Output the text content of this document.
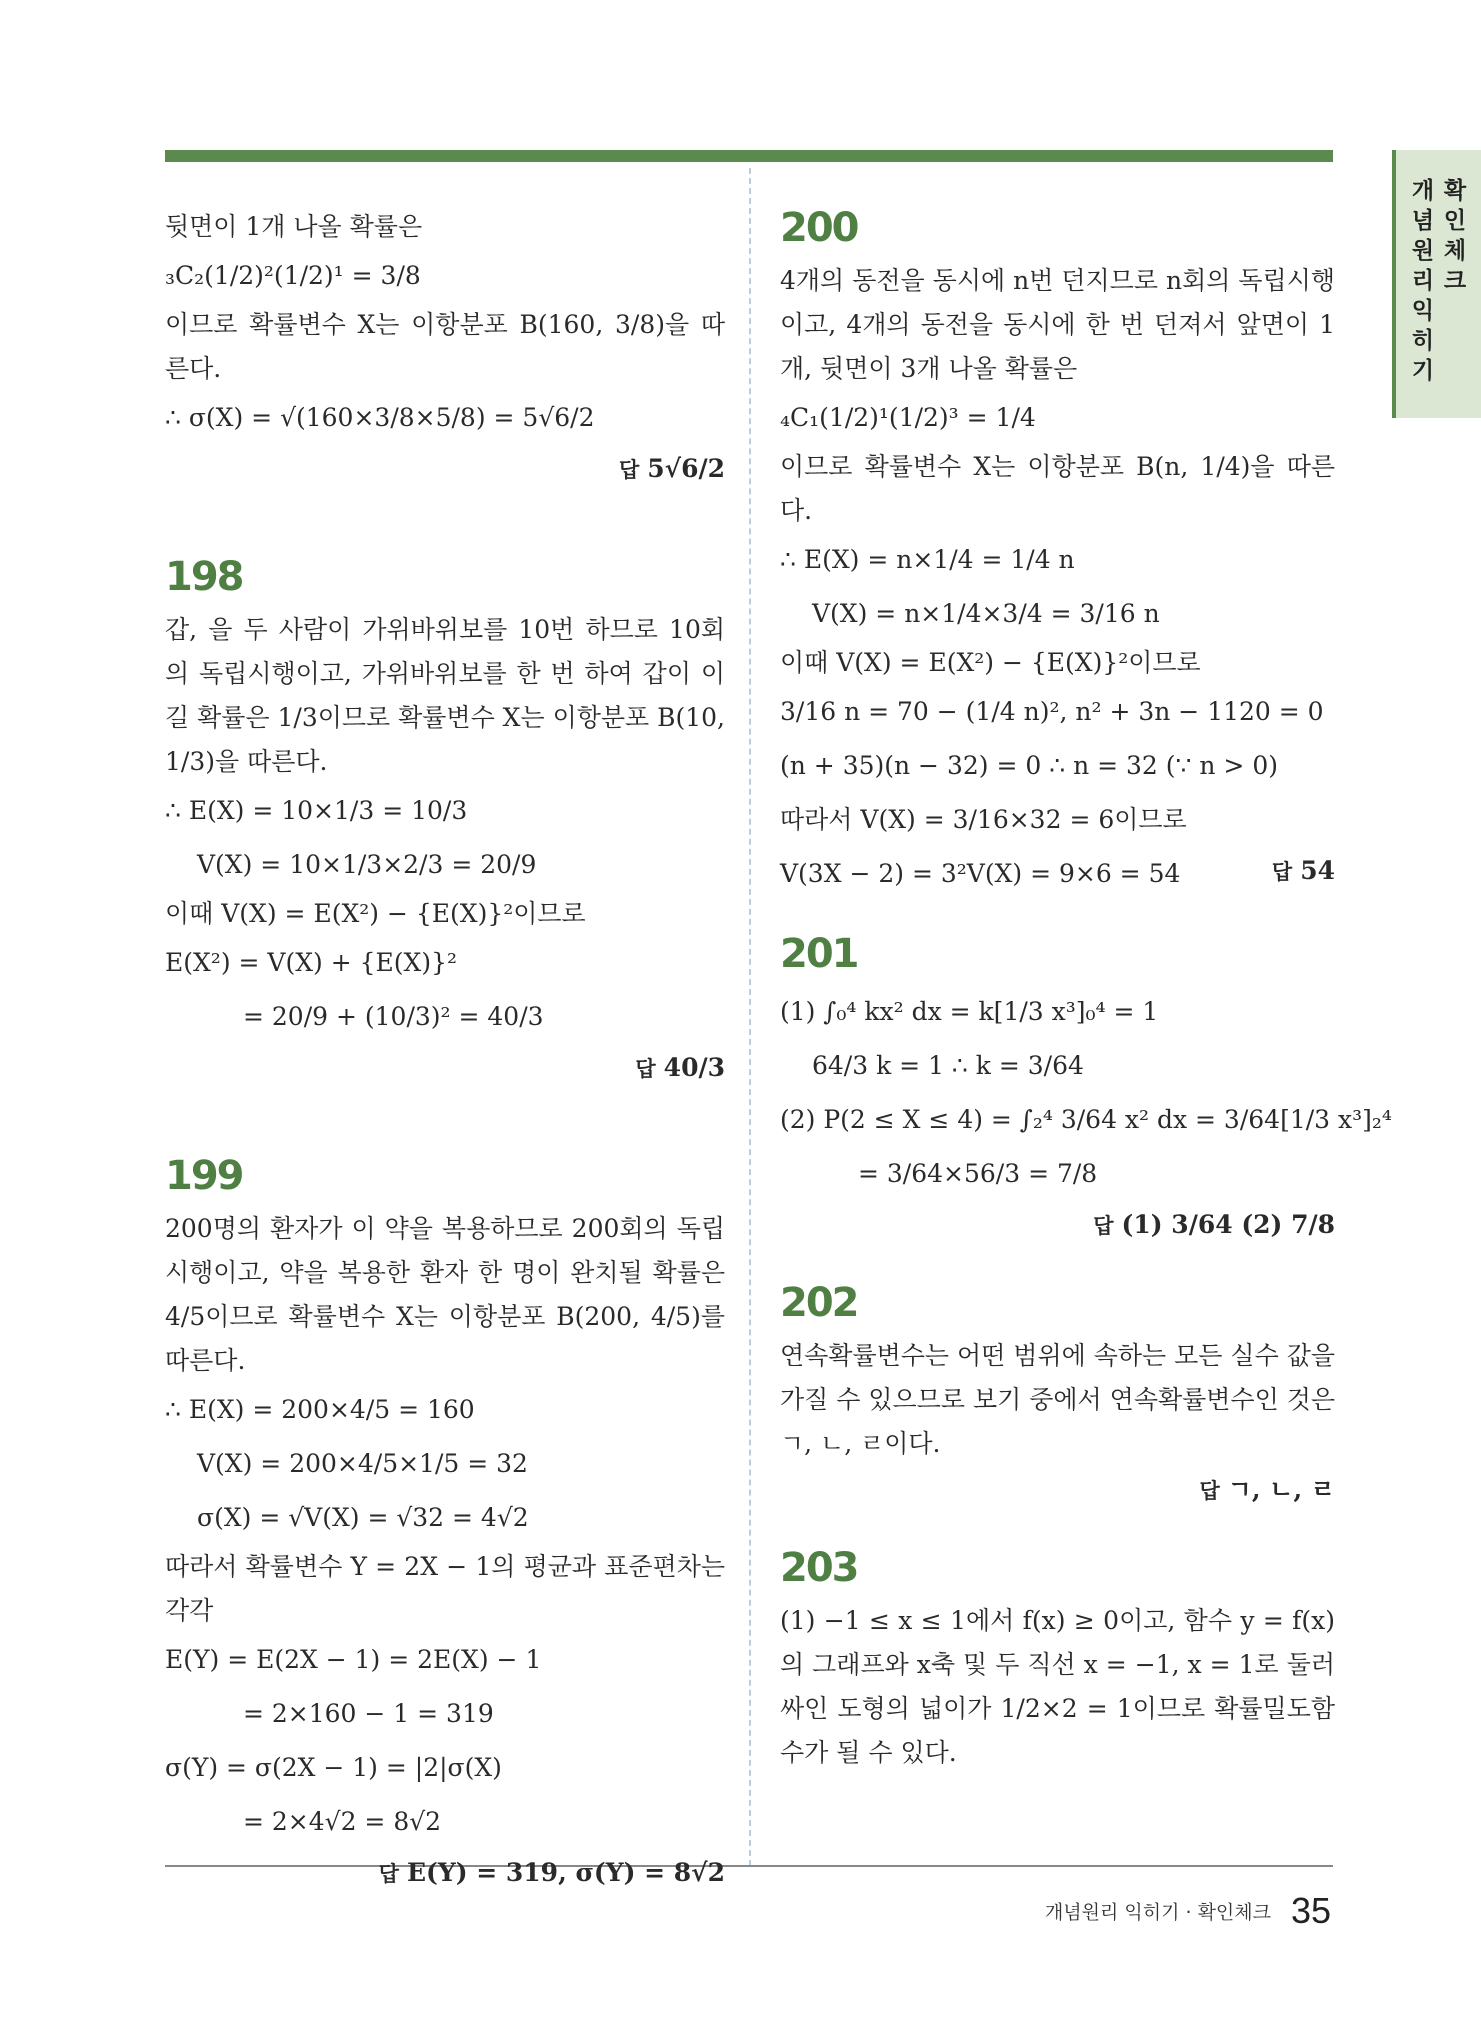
개
념
원
리
익
히
기
확
인
체
크

뒷면이 1개 나올 확률은

₃C₂(1/2)²(1/2)¹ = 3/8

이므로 확률변수 X는 이항분포 B(160, 3/8)을 따른다.

∴ σ(X) = √(160×3/8×5/8) = 5√6/2
답 5√6/2
198

갑, 을 두 사람이 가위바위보를 10번 하므로 10회의 독립시행이고, 가위바위보를 한 번 하여 갑이 이길 확률은 1/3이므로 확률변수 X는 이항분포 B(10, 1/3)을 따른다.

∴ E(X) = 10×1/3 = 10/3
V(X) = 10×1/3×2/3 = 20/9

이때 V(X) = E(X²) − {E(X)}²이므로

E(X²) = V(X) + {E(X)}²
= 20/9 + (10/3)² = 40/3
답 40/3
199

200명의 환자가 이 약을 복용하므로 200회의 독립시행이고, 약을 복용한 환자 한 명이 완치될 확률은 4/5이므로 확률변수 X는 이항분포 B(200, 4/5)를 따른다.

∴ E(X) = 200×4/5 = 160
V(X) = 200×4/5×1/5 = 32
σ(X) = √V(X) = √32 = 4√2

따라서 확률변수 Y = 2X − 1의 평균과 표준편차는 각각

E(Y) = E(2X − 1) = 2E(X) − 1
= 2×160 − 1 = 319
σ(Y) = σ(2X − 1) = |2|σ(X)
= 2×4√2 = 8√2
답 E(Y) = 319, σ(Y) = 8√2
200

4개의 동전을 동시에 n번 던지므로 n회의 독립시행이고, 4개의 동전을 동시에 한 번 던져서 앞면이 1개, 뒷면이 3개 나올 확률은

₄C₁(1/2)¹(1/2)³ = 1/4

이므로 확률변수 X는 이항분포 B(n, 1/4)을 따른다.

∴ E(X) = n×1/4 = 1/4 n
V(X) = n×1/4×3/4 = 3/16 n

이때 V(X) = E(X²) − {E(X)}²이므로

3/16 n = 70 − (1/4 n)², n² + 3n − 1120 = 0
(n + 35)(n − 32) = 0 ∴ n = 32 (∵ n > 0)
따라서 V(X) = 3/16×32 = 6이므로
V(3X − 2) = 3²V(X) = 9×6 = 54	답 54
201
(1) ∫₀⁴ kx² dx = k[1/3 x³]₀⁴ = 1
64/3 k = 1 ∴ k = 3/64
(2) P(2 ≤ X ≤ 4) = ∫₂⁴ 3/64 x² dx = 3/64[1/3 x³]₂⁴
= 3/64×56/3 = 7/8
답 (1) 3/64 (2) 7/8
202

연속확률변수는 어떤 범위에 속하는 모든 실수 값을 가질 수 있으므로 보기 중에서 연속확률변수인 것은 ㄱ, ㄴ, ㄹ이다.

답 ㄱ, ㄴ, ㄹ
203

(1) −1 ≤ x ≤ 1에서 f(x) ≥ 0이고, 함수 y = f(x)의 그래프와 x축 및 두 직선 x = −1, x = 1로 둘러싸인 도형의 넓이가 1/2×2 = 1이므로 확률밀도함수가 될 수 있다.

개념원리 익히기 · 확인체크 35
